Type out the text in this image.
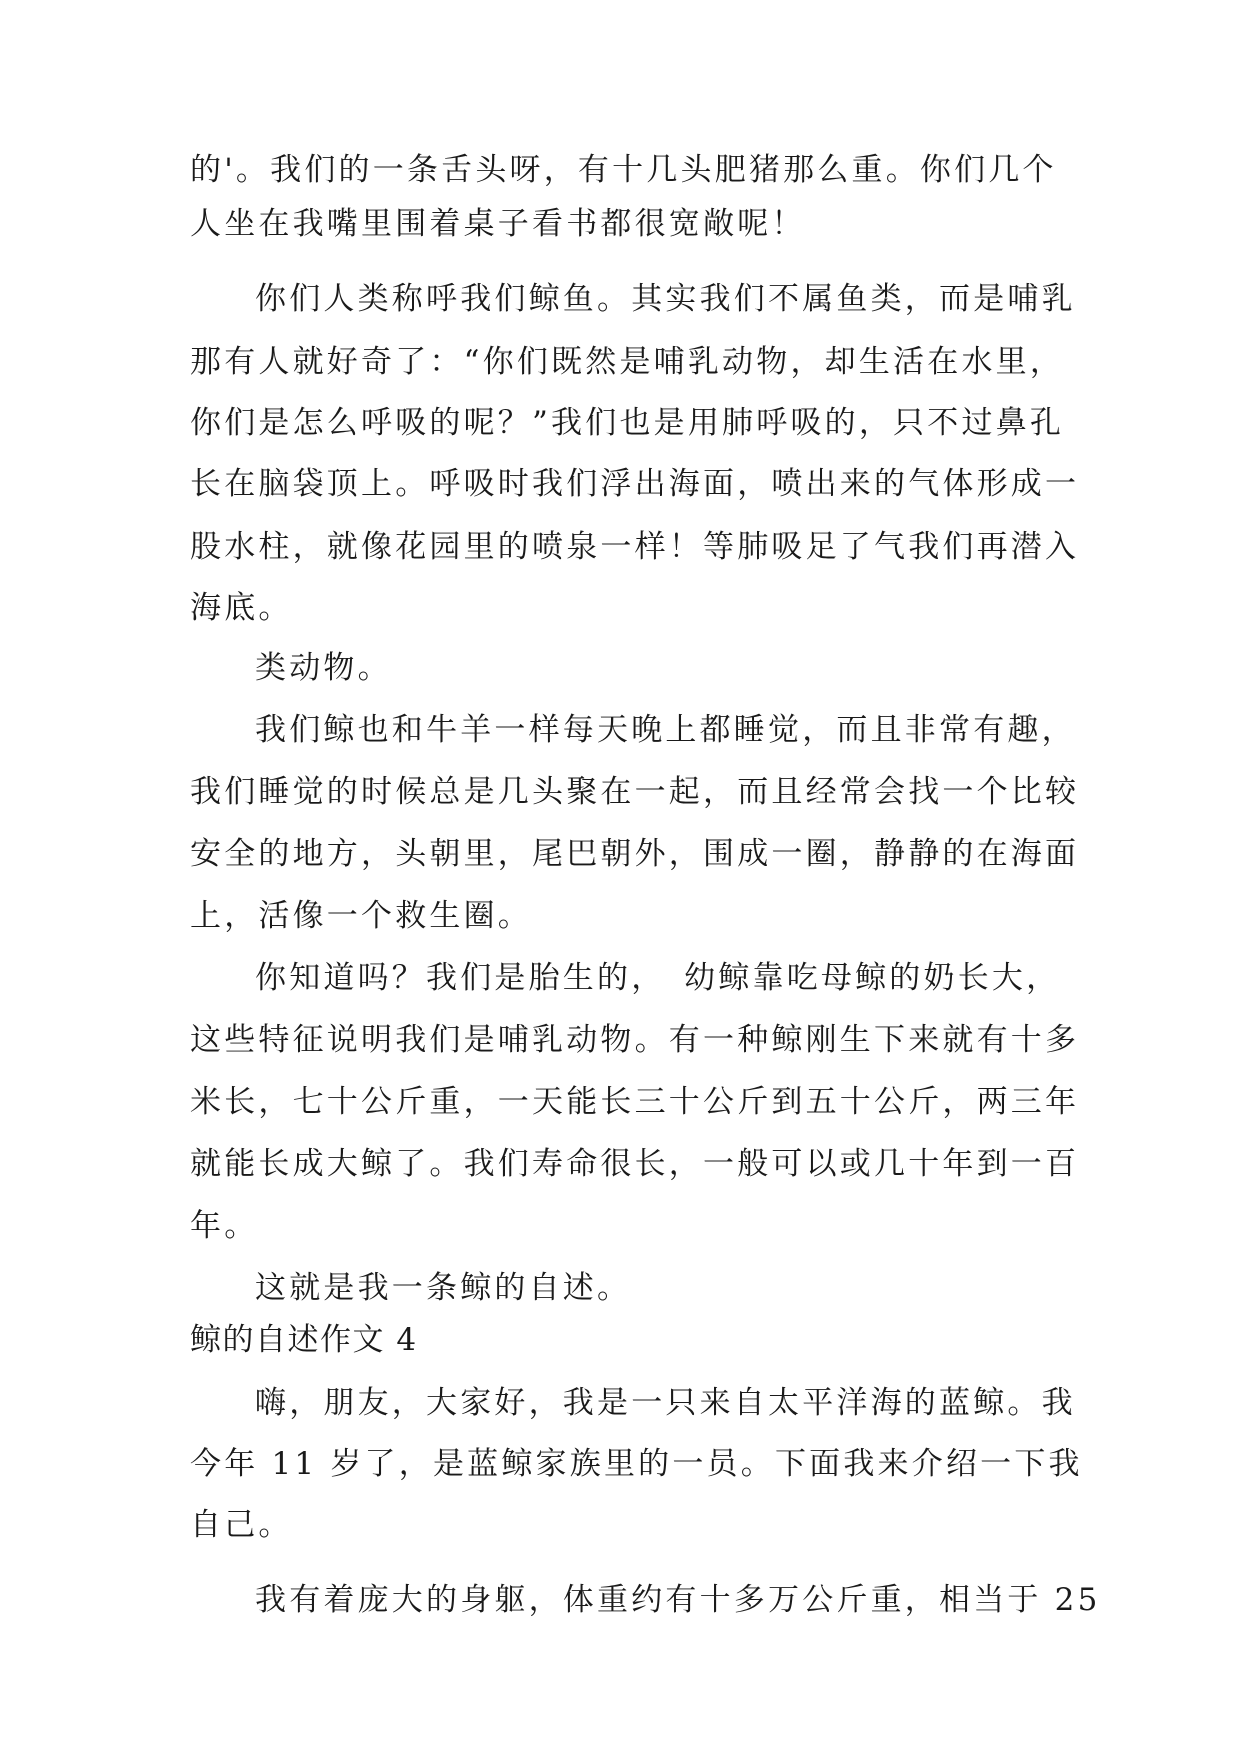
的'。我们的一条舌头呀，有十几头肥猪那么重。你们几个

人坐在我嘴里围着桌子看书都很宽敞呢！

你们人类称呼我们鲸鱼。其实我们不属鱼类，而是哺乳

那有人就好奇了：“你们既然是哺乳动物，却生活在水里，

你们是怎么呼吸的呢？”我们也是用肺呼吸的，只不过鼻孔

长在脑袋顶上。呼吸时我们浮出海面，喷出来的气体形成一

股水柱，就像花园里的喷泉一样！等肺吸足了气我们再潜入

海底。

类动物。

我们鲸也和牛羊一样每天晚上都睡觉，而且非常有趣，

我们睡觉的时候总是几头聚在一起，而且经常会找一个比较

安全的地方，头朝里，尾巴朝外，围成一圈，静静的在海面

上，活像一个救生圈。

你知道吗？我们是胎生的，　幼鲸靠吃母鲸的奶长大，

这些特征说明我们是哺乳动物。有一种鲸刚生下来就有十多

米长，七十公斤重，一天能长三十公斤到五十公斤，两三年

就能长成大鲸了。我们寿命很长，一般可以或几十年到一百

年。

这就是我一条鲸的自述。

鲸的自述作文 4

嗨，朋友，大家好，我是一只来自太平洋海的蓝鲸。我

今年 11 岁了，是蓝鲸家族里的一员。下面我来介绍一下我

自己。

我有着庞大的身躯，体重约有十多万公斤重，相当于 25
